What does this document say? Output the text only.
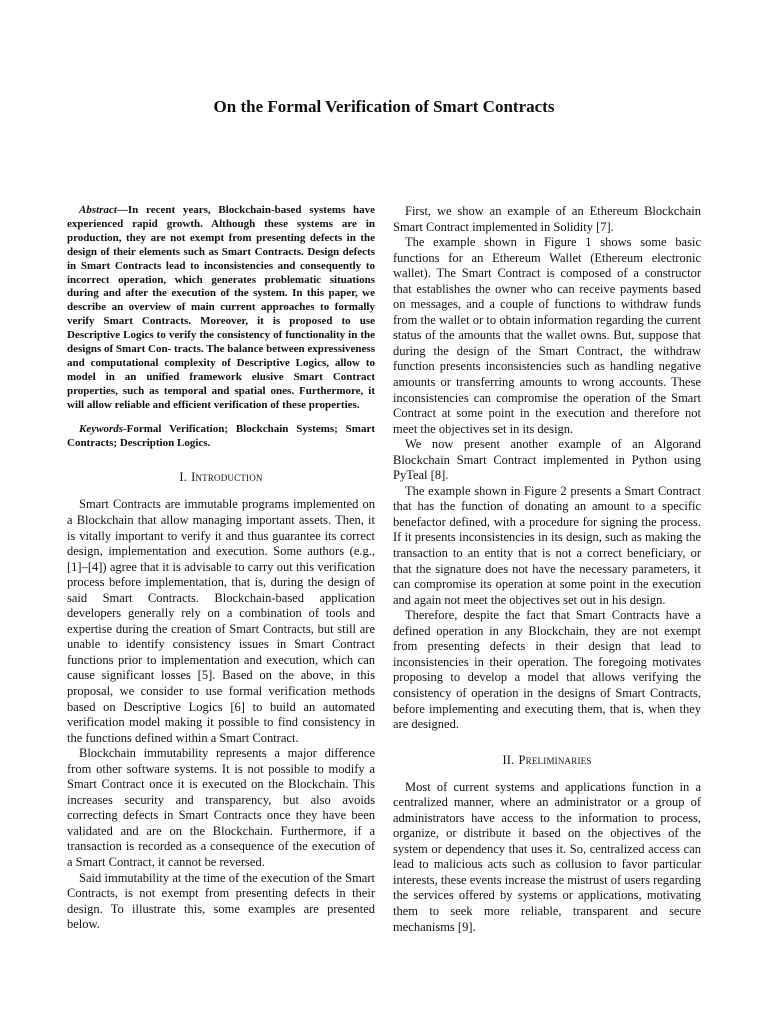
On the Formal Verification of Smart Contracts

Abstract—In recent years, Blockchain-based systems have experienced rapid growth. Although these systems are in production, they are not exempt from presenting defects in the design of their elements such as Smart Contracts. Design defects in Smart Contracts lead to inconsistencies and consequently to incorrect operation, which generates problematic situations during and after the execution of the system. In this paper, we describe an overview of main current approaches to formally verify Smart Contracts. Moreover, it is proposed to use Descriptive Logics to verify the consistency of functionality in the designs of Smart Con- tracts. The balance between expressiveness and computational complexity of Descriptive Logics, allow to model in an unified framework elusive Smart Contract properties, such as temporal and spatial ones. Furthermore, it will allow reliable and efficient verification of these properties.

Keywords-Formal Verification; Blockchain Systems; Smart Contracts; Description Logics.

I. Introduction

Smart Contracts are immutable programs implemented on a Blockchain that allow managing important assets. Then, it is vitally important to verify it and thus guarantee its correct design, implementation and execution. Some authors (e.g., [1]–[4]) agree that it is advisable to carry out this verification process before implementation, that is, during the design of said Smart Contracts. Blockchain-based application developers generally rely on a combination of tools and expertise during the creation of Smart Contracts, but still are unable to identify consistency issues in Smart Contract functions prior to implementation and execution, which can cause significant losses [5]. Based on the above, in this proposal, we consider to use formal verification methods based on Descriptive Logics [6] to build an automated verification model making it possible to find consistency in the functions defined within a Smart Contract.

Blockchain immutability represents a major difference from other software systems. It is not possible to modify a Smart Contract once it is executed on the Blockchain. This increases security and transparency, but also avoids correcting defects in Smart Contracts once they have been validated and are on the Blockchain. Furthermore, if a transaction is recorded as a consequence of the execution of a Smart Contract, it cannot be reversed.

Said immutability at the time of the execution of the Smart Contracts, is not exempt from presenting defects in their design. To illustrate this, some examples are presented below.

First, we show an example of an Ethereum Blockchain Smart Contract implemented in Solidity [7].

The example shown in Figure 1 shows some basic functions for an Ethereum Wallet (Ethereum electronic wallet). The Smart Contract is composed of a constructor that establishes the owner who can receive payments based on messages, and a couple of functions to withdraw funds from the wallet or to obtain information regarding the current status of the amounts that the wallet owns. But, suppose that during the design of the Smart Contract, the withdraw function presents inconsistencies such as handling negative amounts or transferring amounts to wrong accounts. These inconsistencies can compromise the operation of the Smart Contract at some point in the execution and therefore not meet the objectives set in its design.

We now present another example of an Algorand Blockchain Smart Contract implemented in Python using PyTeal [8].

The example shown in Figure 2 presents a Smart Contract that has the function of donating an amount to a specific benefactor defined, with a procedure for signing the process. If it presents inconsistencies in its design, such as making the transaction to an entity that is not a correct beneficiary, or that the signature does not have the necessary parameters, it can compromise its operation at some point in the execution and again not meet the objectives set out in his design.

Therefore, despite the fact that Smart Contracts have a defined operation in any Blockchain, they are not exempt from presenting defects in their design that lead to inconsistencies in their operation. The foregoing motivates proposing to develop a model that allows verifying the consistency of operation in the designs of Smart Contracts, before implementing and executing them, that is, when they are designed.

II. Preliminaries

Most of current systems and applications function in a centralized manner, where an administrator or a group of administrators have access to the information to process, organize, or distribute it based on the objectives of the system or dependency that uses it. So, centralized access can lead to malicious acts such as collusion to favor particular interests, these events increase the mistrust of users regarding the services offered by systems or applications, motivating them to seek more reliable, transparent and secure mechanisms [9].
